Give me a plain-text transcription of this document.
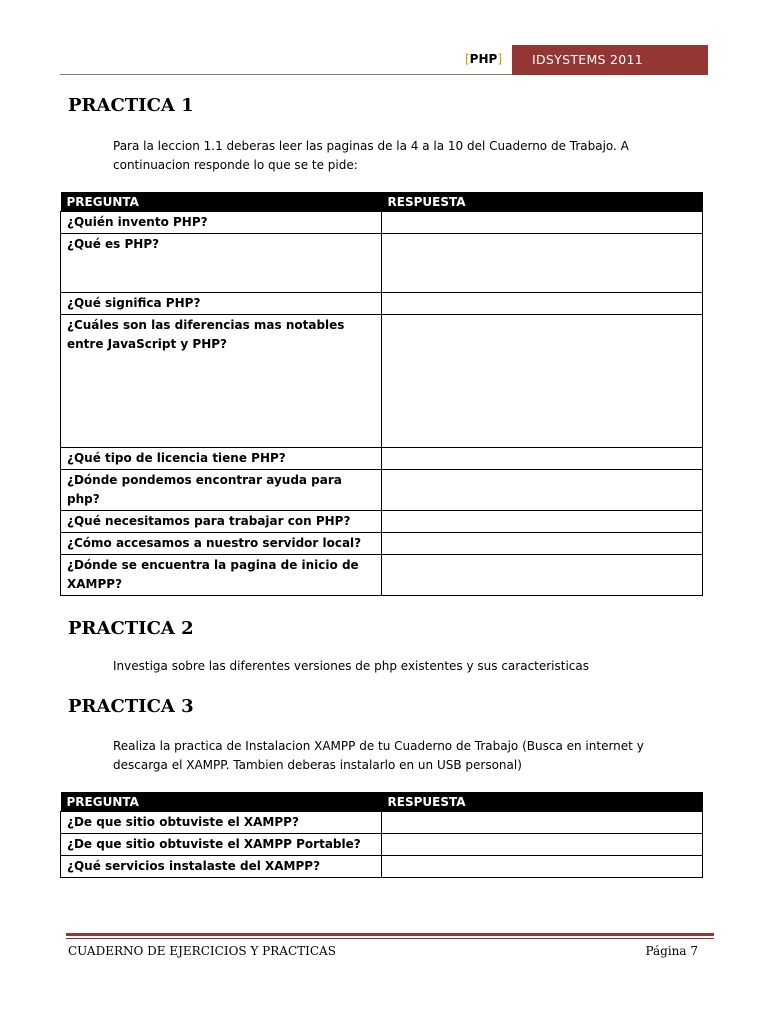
[PHP]	IDSYSTEMS 2011
PRACTICA 1

Para la leccion 1.1 deberas leer las paginas de la 4 a la 10 del Cuaderno de Trabajo. A continuacion responde lo que se te pide:

PREGUNTA	RESPUESTA
¿Quién invento PHP?	
¿Qué es PHP?	
¿Qué significa PHP?	
¿Cuáles son las diferencias mas notables entre JavaScript y PHP?	
¿Qué tipo de licencia tiene PHP?	
¿Dónde pondemos encontrar ayuda para php?	
¿Qué necesitamos para trabajar con PHP?	
¿Cómo accesamos a nuestro servidor local?	
¿Dónde se encuentra la pagina de inicio de XAMPP?	
PRACTICA 2

Investiga sobre las diferentes versiones de php existentes y sus caracteristicas

PRACTICA 3

Realiza la practica de Instalacion XAMPP de tu Cuaderno de Trabajo (Busca en internet y descarga el XAMPP. Tambien deberas instalarlo en un USB personal)

PREGUNTA	RESPUESTA
¿De que sitio obtuviste el XAMPP?	
¿De que sitio obtuviste el XAMPP Portable?	
¿Qué servicios instalaste del XAMPP?	
CUADERNO DE EJERCICIOS Y PRACTICAS	Página 7
